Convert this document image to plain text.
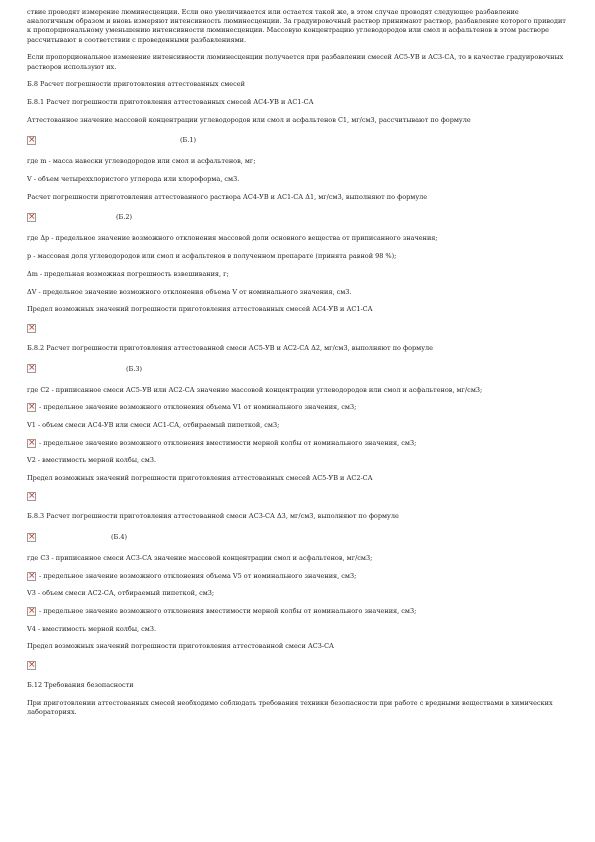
ствие проводят измерение люминесценции. Если оно увеличивается или остается такой же, в этом случае проводят следующее разбавление аналогичным образом и вновь измеряют интенсивность люминесценции. За градуировочный раствор принимают раствор, разбавление которого приводит к пропорциональному уменьшению интенсивности люминесценции. Массовую концентрацию углеводородов или смол и асфальтенов в этом растворе рассчитывают в соответствии с проведенными разбавлениями.

Если пропорциональное изменение интенсивности люминесценции получается при разбавлении смесей АС5-УВ и АС3-СА, то в качестве градуировочных растворов используют их.

Б.8 Расчет погрешности приготовления аттестованных смесей

Б.8.1 Расчет погрешности приготовления аттестованных смесей АС4-УВ и АС1-СА

Аттестованное значение массовой концентрации углеводородов или смол и асфальтенов C1, мг/см3, рассчитывают по формуле

×
(Б.1)

где m - масса навески углеводородов или смол и асфальтенов, мг;

V - объем четыреххлористого углерода или хлороформа, см3.

Расчет погрешности приготовления аттестованного раствора АС4-УВ и АС1-СА Δ1, мг/см3, выполняют по формуле

×
(Б.2)

где Δр - предельное значение возможного отклонения массовой доли основного вещества от приписанного значения;

р - массовая доля углеводородов или смол и асфальтенов в полученном препарате (принята равной 98 %);

Δm - предельная возможная погрешность взвешивания, г;

ΔV - предельное значение возможного отклонения объема V от номинального значения, см3.

Предел возможных значений погрешности приготовления аттестованных смесей АС4-УВ и АС1-СА

×

Б.8.2 Расчет погрешности приготовления аттестованной смеси АС5-УВ и АС2-СА Δ2, мг/см3, выполняют по формуле

×
(Б.3)

где С2 - приписанное смеси АС5-УВ или АС2-СА значение массовой концентрации углеводородов или смол и асфальтенов, мг/см3;

×
- предельное значение возможного отклонения объема V1 от номинального значения, см3;

V1 - объем смеси АС4-УВ или смеси АС1-СА, отбираемый пипеткой, см3;

×
- предельное значение возможного отклонения вместимости мерной колбы от номинального значения, см3;

V2 - вместимость мерной колбы, см3.

Предел возможных значений погрешности приготовления аттестованных смесей АС5-УВ и АС2-СА

×

Б.8.3 Расчет погрешности приготовления аттестованной смеси АС3-СА Δ3, мг/см3, выполняют по формуле

×
(Б.4)

где С3 - приписанное смеси АС3-СА значение массовой концентрации смол и асфальтенов, мг/см3;

×
- предельное значение возможного отклонения объема V5 от номинального значения, см3;

V3 - объем смеси АС2-СА, отбираемый пипеткой, см3;

×
- предельное значение возможного отклонения вместимости мерной колбы от номинального значения, см3;

V4 - вместимость мерной колбы, см3.

Предел возможных значений погрешности приготовления аттестованной смеси АС3-СА

×

Б.12 Требования безопасности

При приготовлении аттестованных смесей необходимо соблюдать требования техники безопасности при работе с вредными веществами в химических лабораториях.
